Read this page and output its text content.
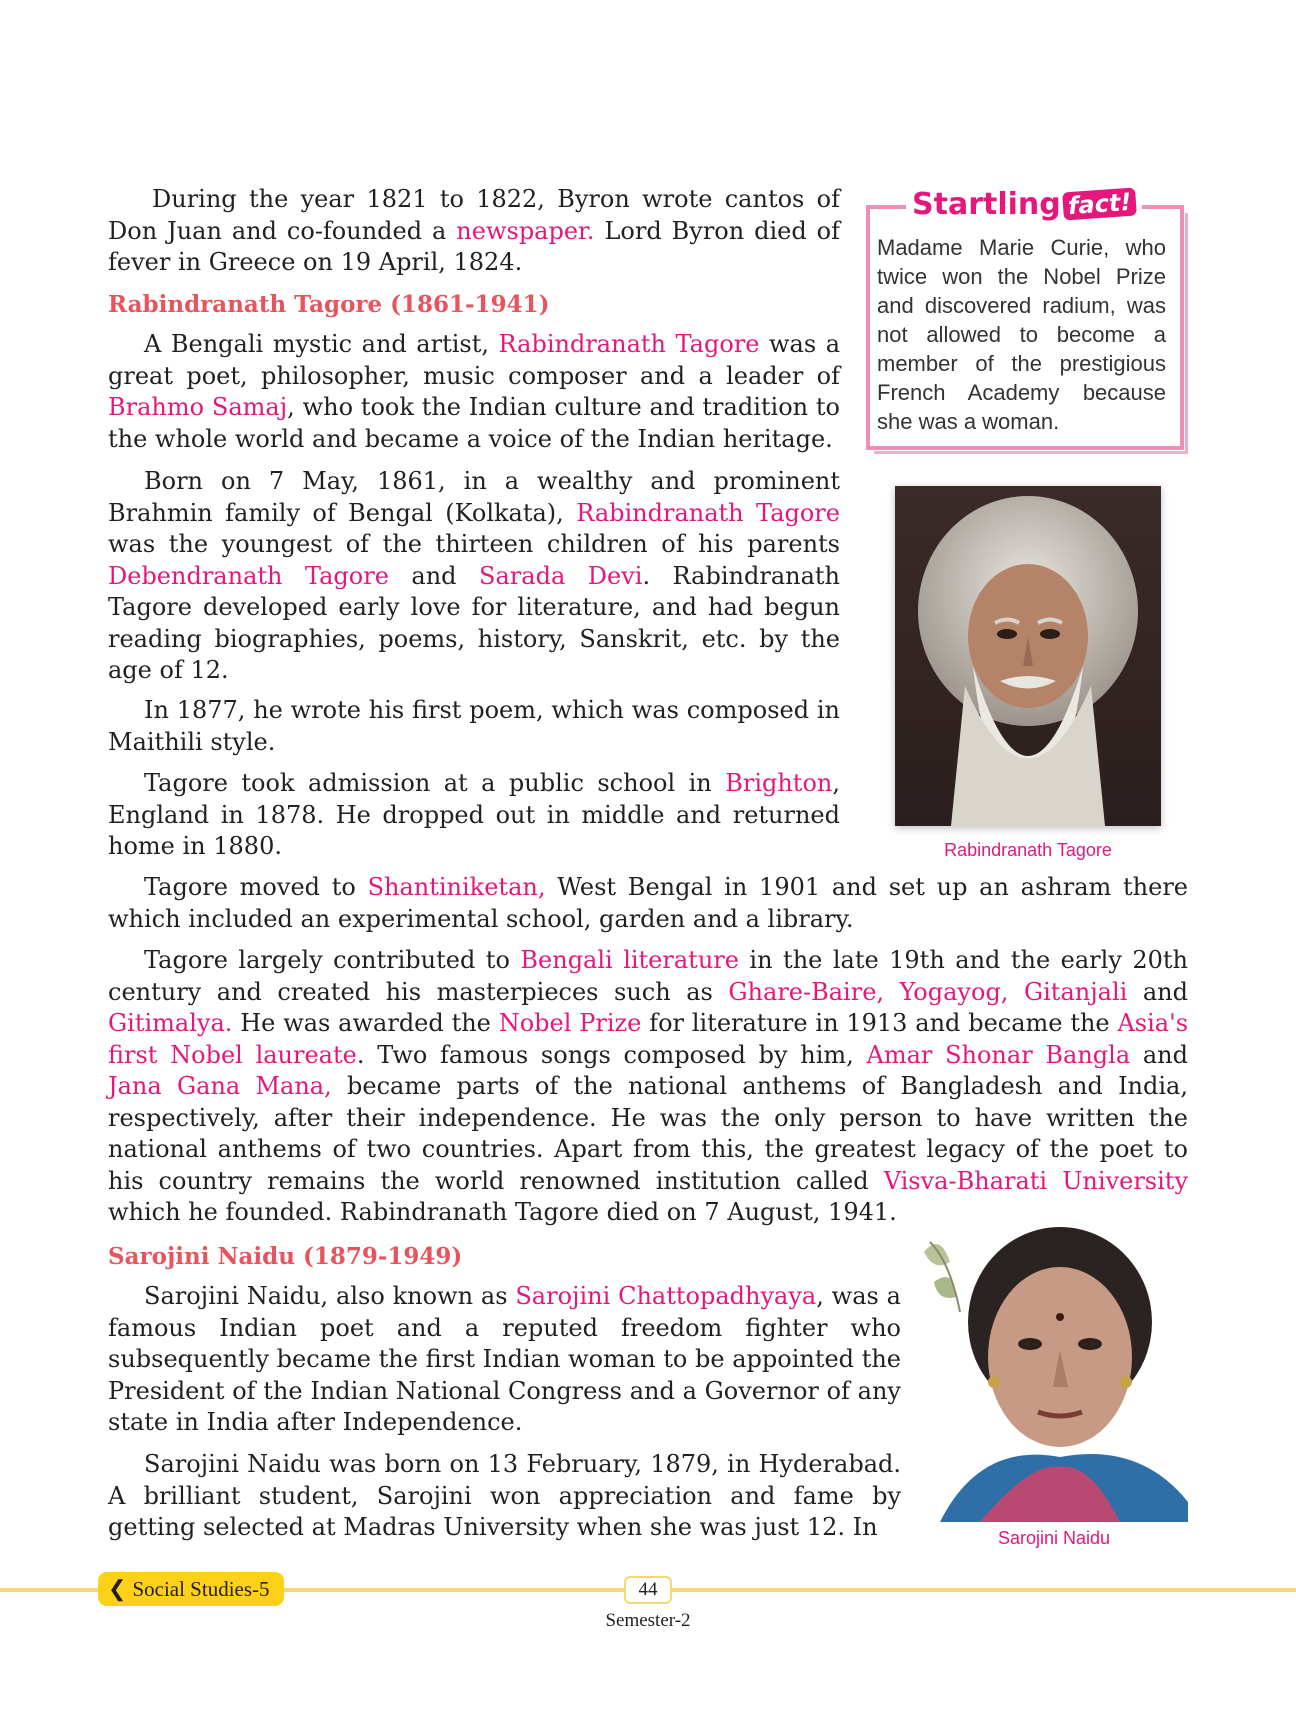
During the year 1821 to 1822, Byron wrote cantos of Don Juan and co-founded a newspaper. Lord Byron died of fever in Greece on 19 April, 1824.

Rabindranath Tagore (1861-1941)

A Bengali mystic and artist, Rabindranath Tagore was a great poet, philosopher, music composer and a leader of Brahmo Samaj, who took the Indian culture and tradition to the whole world and became a voice of the Indian heritage.

Born on 7 May, 1861, in a wealthy and prominent Brahmin family of Bengal (Kolkata), Rabindranath Tagore was the youngest of the thirteen children of his parents Debendranath Tagore and Sarada Devi. Rabindranath Tagore developed early love for literature, and had begun reading biographies, poems, history, Sanskrit, etc. by the age of 12.

In 1877, he wrote his first poem, which was composed in Maithili style.

Tagore took admission at a public school in Brighton, England in 1878. He dropped out in middle and returned home in 1880.

Tagore moved to Shantiniketan, West Bengal in 1901 and set up an ashram there which included an experimental school, garden and a library.

Tagore largely contributed to Bengali literature in the late 19th and the early 20th century and created his masterpieces such as Ghare-Baire, Yogayog, Gitanjali and Gitimalya. He was awarded the Nobel Prize for literature in 1913 and became the Asia's first Nobel laureate. Two famous songs composed by him, Amar Shonar Bangla and Jana Gana Mana, became parts of the national anthems of Bangladesh and India, respectively, after their independence. He was the only person to have written the national anthems of two countries. Apart from this, the greatest legacy of the poet to his country remains the world renowned institution called Visva-Bharati University which he founded. Rabindranath Tagore died on 7 August, 1941.

Sarojini Naidu (1879-1949)

Sarojini Naidu, also known as Sarojini Chattopadhyaya, was a famous Indian poet and a reputed freedom fighter who subsequently became the first Indian woman to be appointed the President of the Indian National Congress and a Governor of any state in India after Independence.

Sarojini Naidu was born on 13 February, 1879, in Hyderabad. A brilliant student, Sarojini won appreciation and fame by getting selected at Madras University when she was just 12. In

Startling fact!

Madame Marie Curie, who twice won the Nobel Prize and discovered radium, was not allowed to become a member of the prestigious French Academy because she was a woman.

Rabindranath Tagore
Sarojini Naidu
❮ Social Studies-5	44
Semester-2
